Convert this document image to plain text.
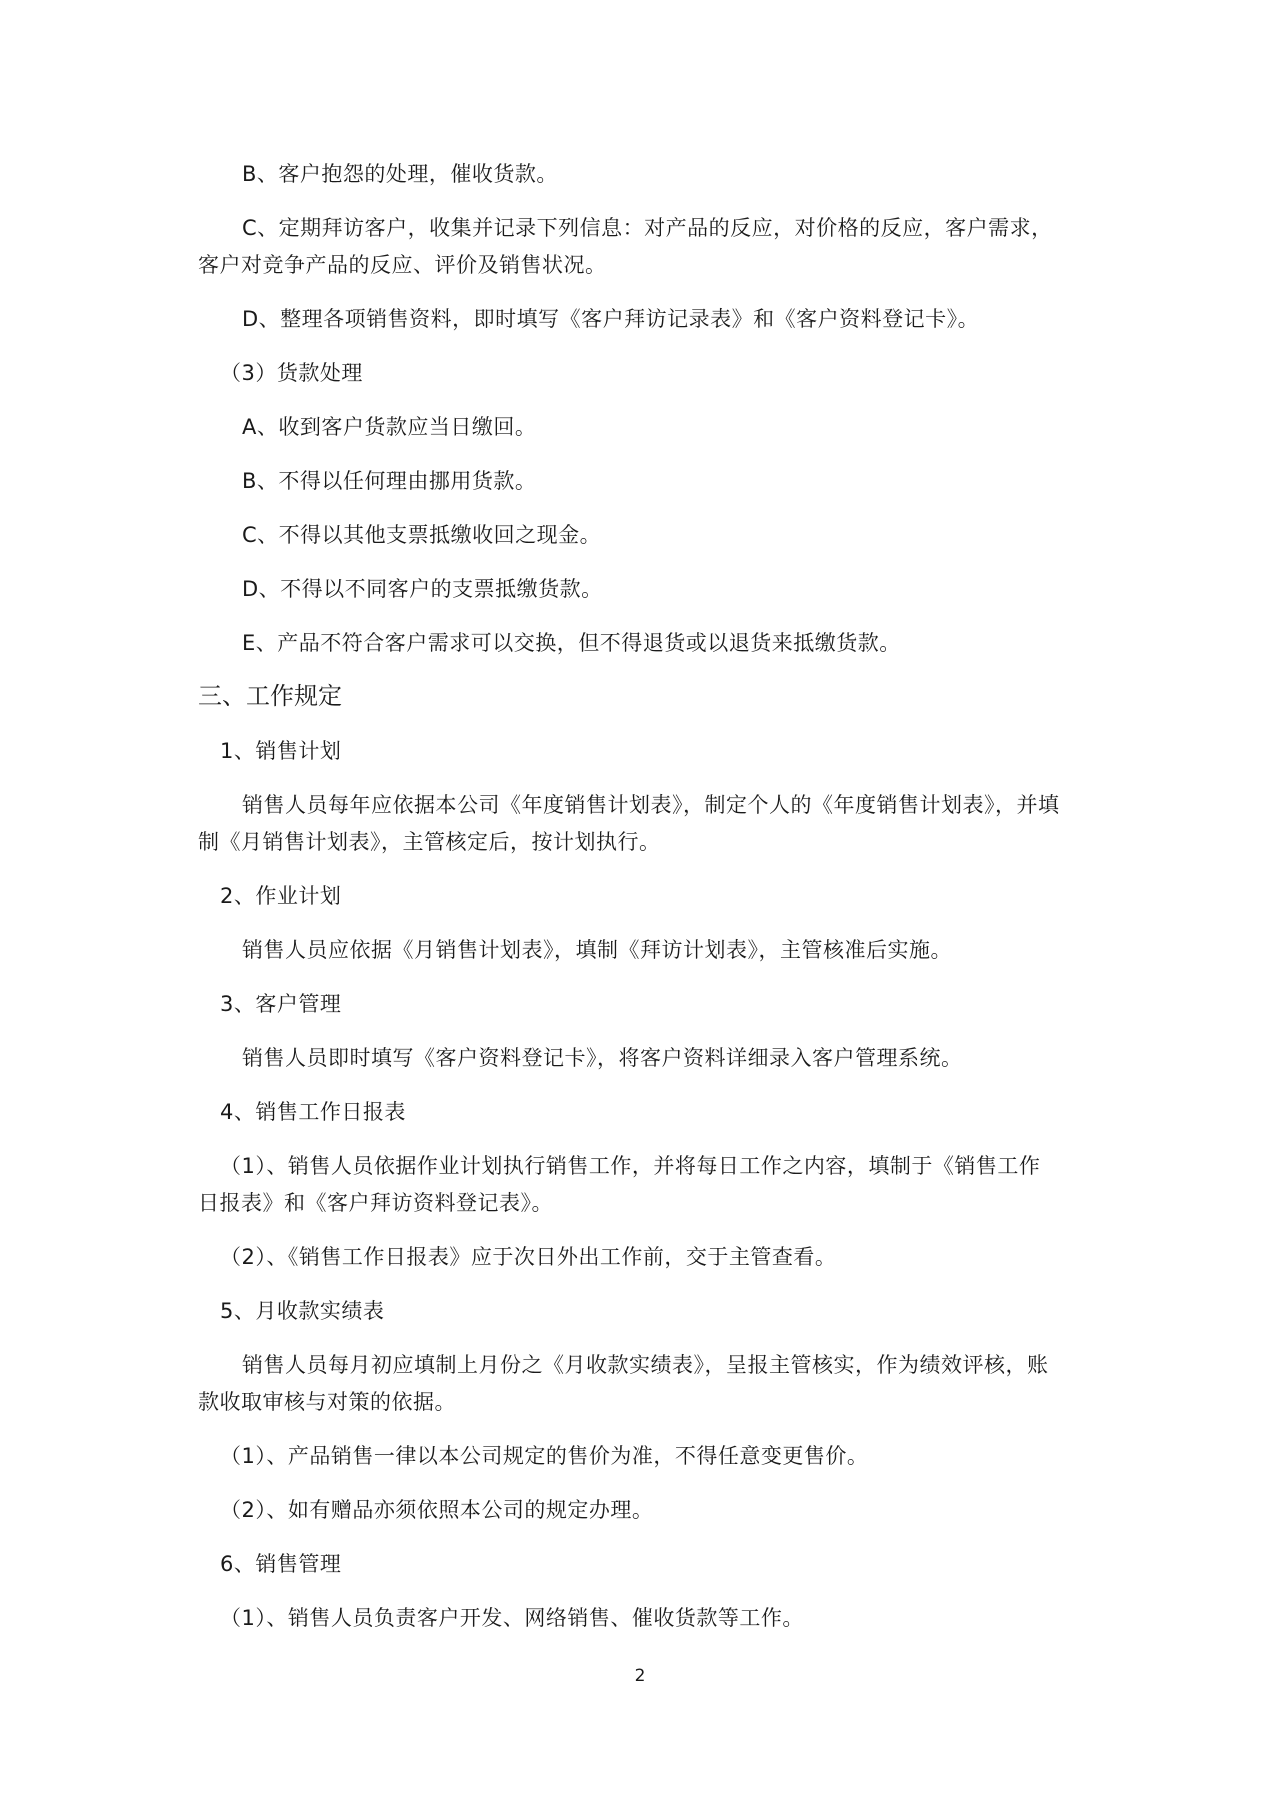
B、客户抱怨的处理，催收货款。
C、定期拜访客户，收集并记录下列信息：对产品的反应，对价格的反应，客户需求，
客户对竞争产品的反应、评价及销售状况。
D、整理各项销售资料，即时填写《客户拜访记录表》和《客户资料登记卡》。
（3）货款处理
A、收到客户货款应当日缴回。
B、不得以任何理由挪用货款。
C、不得以其他支票抵缴收回之现金。
D、不得以不同客户的支票抵缴货款。
E、产品不符合客户需求可以交换，但不得退货或以退货来抵缴货款。
三、工作规定
1、销售计划
销售人员每年应依据本公司《年度销售计划表》，制定个人的《年度销售计划表》，并填
制《月销售计划表》，主管核定后，按计划执行。
2、作业计划
销售人员应依据《月销售计划表》，填制《拜访计划表》，主管核准后实施。
3、客户管理
销售人员即时填写《客户资料登记卡》，将客户资料详细录入客户管理系统。
4、销售工作日报表
（1）、销售人员依据作业计划执行销售工作，并将每日工作之内容，填制于《销售工作
日报表》和《客户拜访资料登记表》。
（2）、《销售工作日报表》应于次日外出工作前，交于主管查看。
5、月收款实绩表
销售人员每月初应填制上月份之《月收款实绩表》，呈报主管核实，作为绩效评核，账
款收取审核与对策的依据。
（1）、产品销售一律以本公司规定的售价为准，不得任意变更售价。
（2）、如有赠品亦须依照本公司的规定办理。
6、销售管理
（1）、销售人员负责客户开发、网络销售、催收货款等工作。
2
